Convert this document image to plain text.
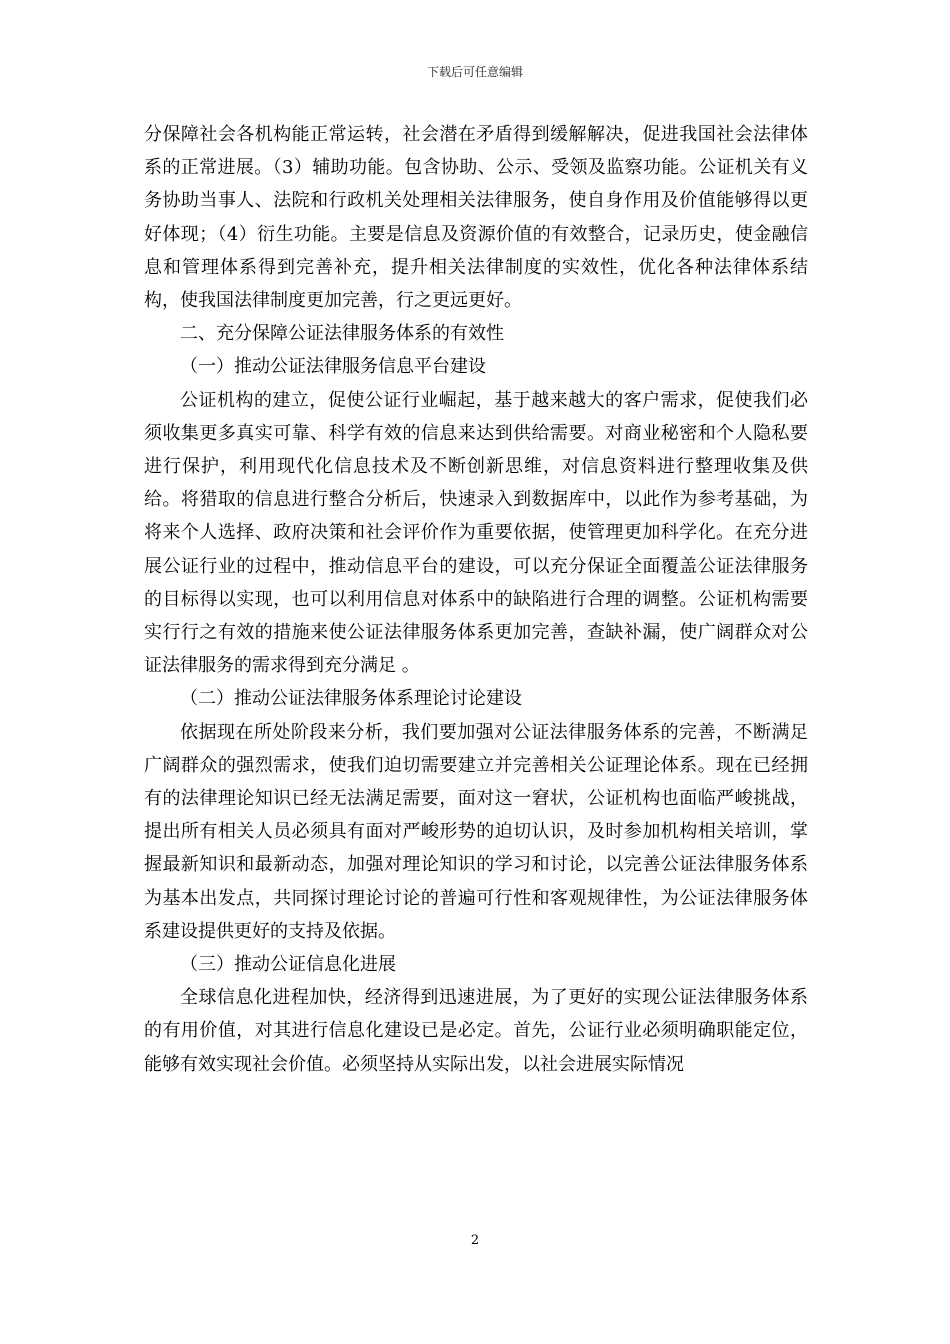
下载后可任意编辑

分保障社会各机构能正常运转，社会潜在矛盾得到缓解解决，促进我国社会法律体系的正常进展。（3）辅助功能。包含协助、公示、受领及监察功能。公证机关有义务协助当事人、法院和行政机关处理相关法律服务，使自身作用及价值能够得以更好体现；（4）衍生功能。主要是信息及资源价值的有效整合，记录历史，使金融信息和管理体系得到完善补充，提升相关法律制度的实效性，优化各种法律体系结构，使我国法律制度更加完善，行之更远更好。

二、充分保障公证法律服务体系的有效性

（一）推动公证法律服务信息平台建设

公证机构的建立，促使公证行业崛起，基于越来越大的客户需求，促使我们必须收集更多真实可靠、科学有效的信息来达到供给需要。对商业秘密和个人隐私要进行保护，利用现代化信息技术及不断创新思维，对信息资料进行整理收集及供给。将猎取的信息进行整合分析后，快速录入到数据库中，以此作为参考基础，为将来个人选择、政府决策和社会评价作为重要依据，使管理更加科学化。在充分进展公证行业的过程中，推动信息平台的建设，可以充分保证全面覆盖公证法律服务的目标得以实现，也可以利用信息对体系中的缺陷进行合理的调整。公证机构需要实行行之有效的措施来使公证法律服务体系更加完善，查缺补漏，使广阔群众对公证法律服务的需求得到充分满足 。

（二）推动公证法律服务体系理论讨论建设

依据现在所处阶段来分析，我们要加强对公证法律服务体系的完善，不断满足广阔群众的强烈需求，使我们迫切需要建立并完善相关公证理论体系。现在已经拥有的法律理论知识已经无法满足需要，面对这一窘状，公证机构也面临严峻挑战，提出所有相关人员必须具有面对严峻形势的迫切认识，及时参加机构相关培训，掌握最新知识和最新动态，加强对理论知识的学习和讨论，以完善公证法律服务体系为基本出发点，共同探讨理论讨论的普遍可行性和客观规律性，为公证法律服务体系建设提供更好的支持及依据。

（三）推动公证信息化进展

全球信息化进程加快，经济得到迅速进展，为了更好的实现公证法律服务体系的有用价值，对其进行信息化建设已是必定。首先，公证行业必须明确职能定位，能够有效实现社会价值。必须坚持从实际出发，以社会进展实际情况

2
